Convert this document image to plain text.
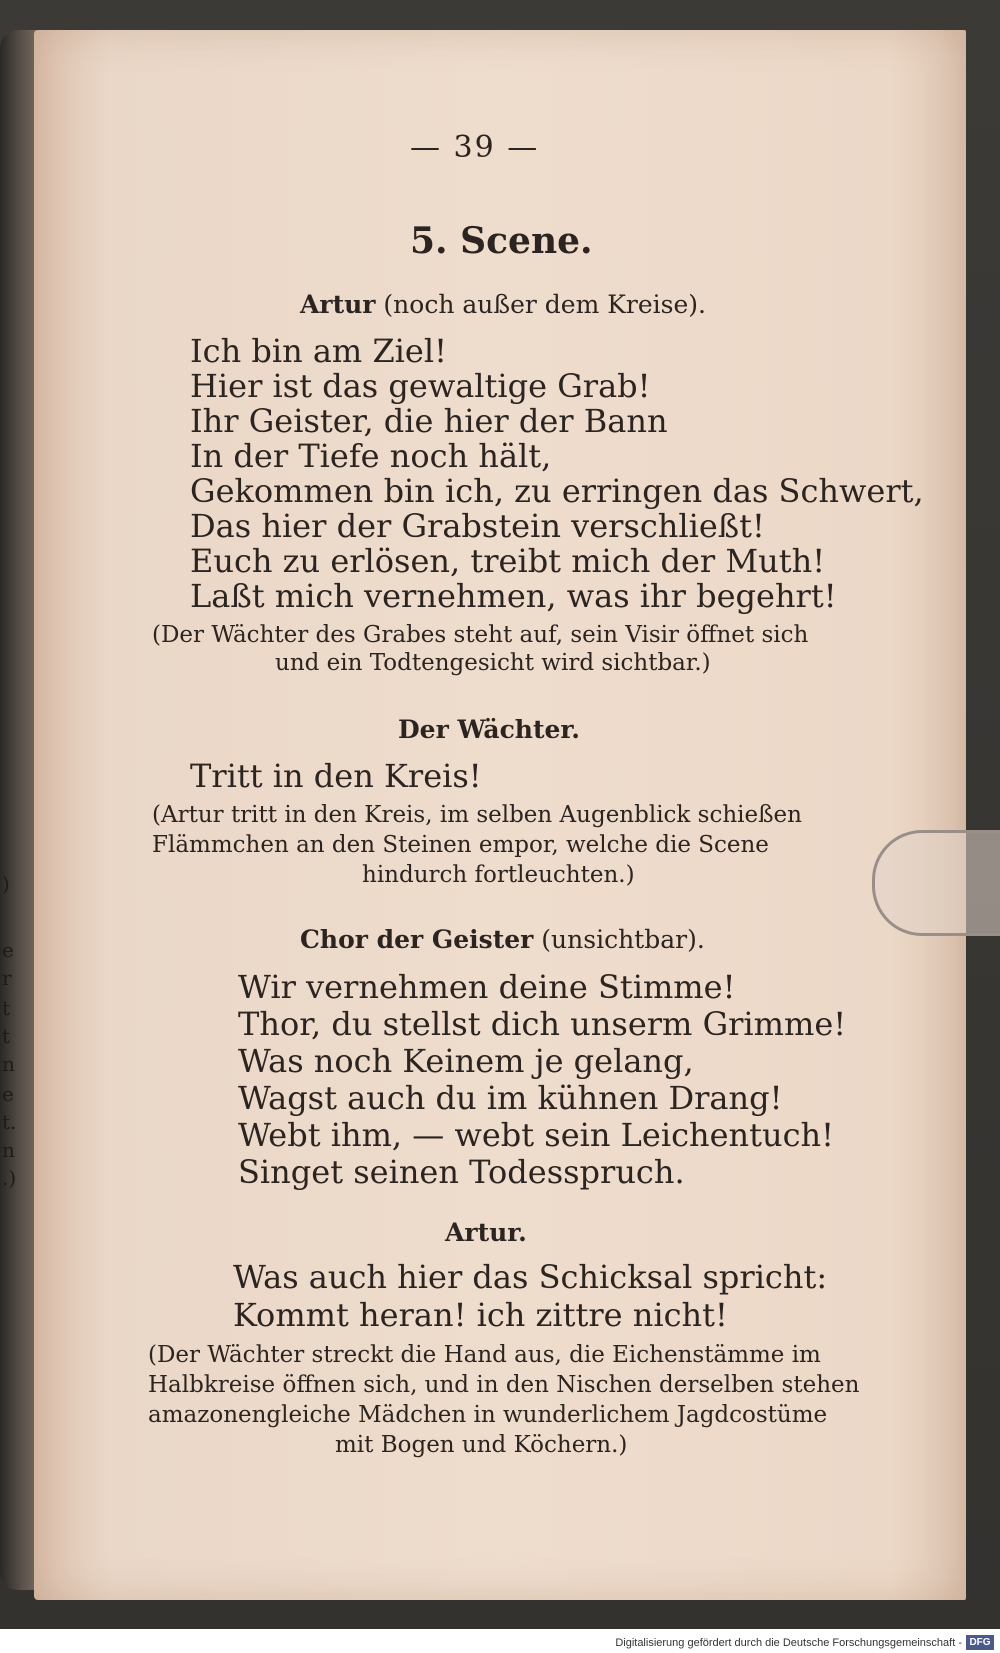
)
e
r
t
t
n
e
t.
n
.)
— 39 —
5. Scene.
Artur (noch außer dem Kreise).
Ich bin am Ziel!
Hier ist das gewaltige Grab!
Ihr Geister, die hier der Bann
In der Tiefe noch hält,
Gekommen bin ich, zu erringen das Schwert,
Das hier der Grabstein verschließt!
Euch zu erlösen, treibt mich der Muth!
Laßt mich vernehmen, was ihr begehrt!
(Der Wächter des Grabes steht auf, sein Visir öffnet sich
und ein Todtengesicht wird sichtbar.)
Der Wächter.
Tritt in den Kreis!
(Artur tritt in den Kreis, im selben Augenblick schießen
Flämmchen an den Steinen empor, welche die Scene
hindurch fortleuchten.)
Chor der Geister (unsichtbar).
Wir vernehmen deine Stimme!
Thor, du stellst dich unserm Grimme!
Was noch Keinem je gelang,
Wagst auch du im kühnen Drang!
Webt ihm, — webt sein Leichentuch!
Singet seinen Todesspruch.
Artur.
Was auch hier das Schicksal spricht:
Kommt heran! ich zittre nicht!
(Der Wächter streckt die Hand aus, die Eichenstämme im
Halbkreise öffnen sich, und in den Nischen derselben stehen
amazonengleiche Mädchen in wunderlichem Jagdcostüme
mit Bogen und Köchern.)
Digitalisierung gefördert durch die Deutsche Forschungsgemeinschaft - DFG
